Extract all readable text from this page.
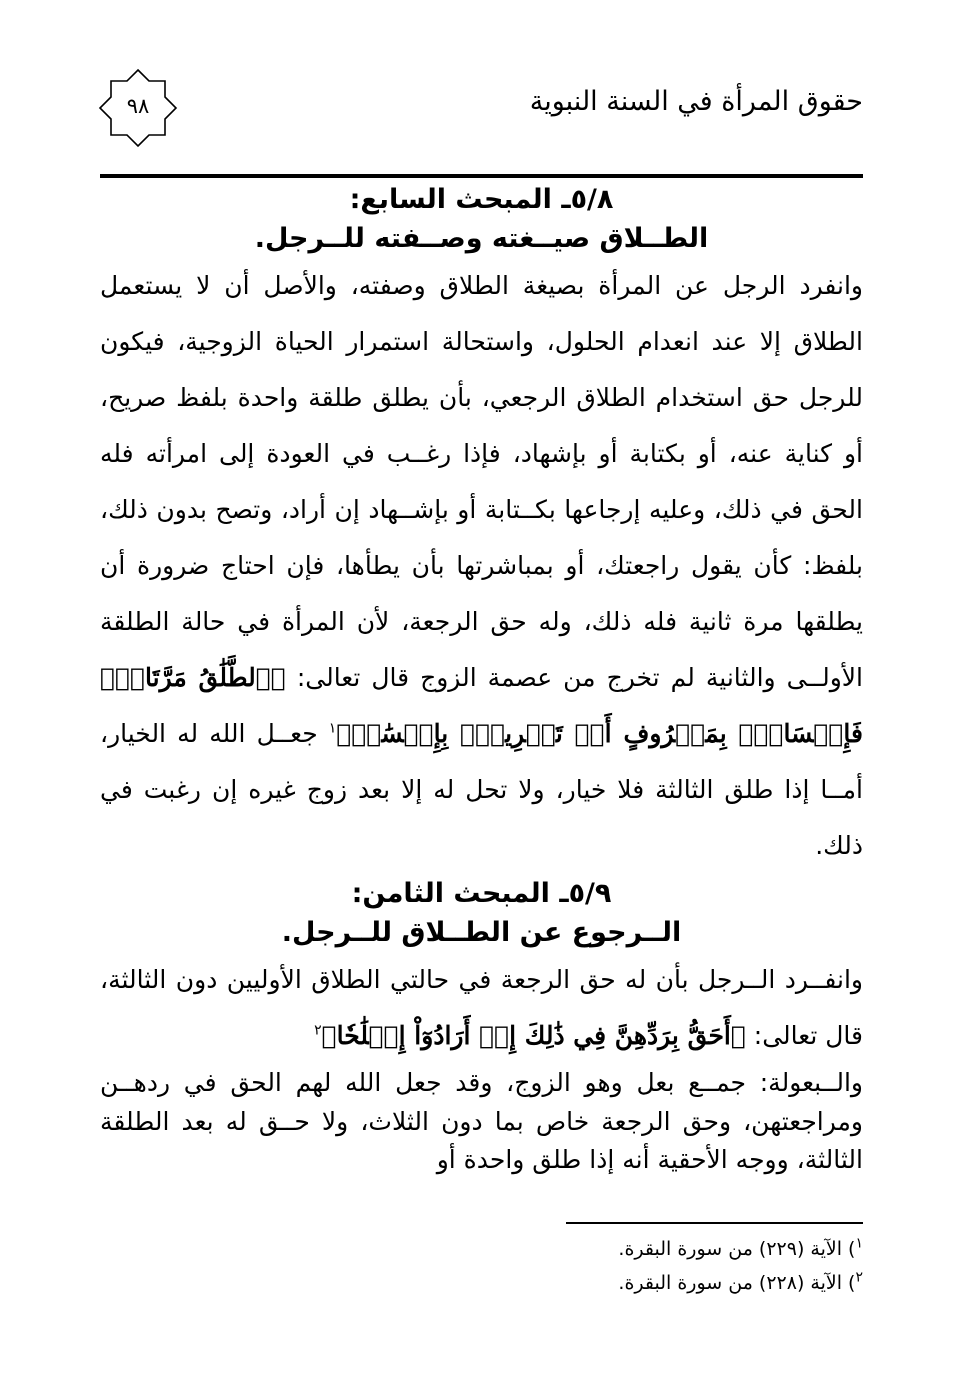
حقوق المرأة في السنة النبوية
٩٨

٥/٨ـ المبحث السابع:

الطــلاق صيــغته وصــفته للــرجل.

وانفرد الرجل عن المرأة بصيغة الطلاق وصفته، والأصل أن لا يستعمل الطلاق إلا عند انعدام الحلول، واستحالة استمرار الحياة الزوجية، فيكون للرجل حق استخدام الطلاق الرجعي، بأن يطلق طلقة واحدة بلفظ صريح، أو كناية عنه، أو بكتابة أو بإشهاد، فإذا رغــب في العودة إلى امرأته فله الحق في ذلك، وعليه إرجاعها بكــتابة أو بإشــهاد إن أراد، وتصح بدون ذلك، بلفظ: كأن يقول راجعتك، أو بمباشرتها بأن يطأها، فإن احتاج ضرورة أن يطلقها مرة ثانية فله ذلك، وله حق الرجعة، لأن المرأة في حالة الطلقة الأولــى والثانية لم تخرج من عصمة الزوج قال تعالى: ﴿ٱلطَّلَٰقُ مَرَّتَانِۖ فَإِمۡسَاكُۢ بِمَعۡرُوفٍ أَوۡ تَسۡرِيحُۢ بِإِحۡسَٰنٖ﴾$^١$ جعــل الله له الخيار، أمــا إذا طلق الثالثة فلا خيار، ولا تحل له إلا بعد زوج غيره إن رغبت في ذلك.

٥/٩ـ المبحث الثامن:

الــرجوع عن الطــلاق للــرجل.

وانفــرد الــرجل بأن له حق الرجعة في حالتي الطلاق الأوليين دون الثالثة، قال تعالى: ﴿أَحَقُّ بِرَدِّهِنَّ فِي ذَٰلِكَ إِنۡ أَرَادُوٓاْ إِصۡلَٰحٗا﴾$^٢$

والــبعولة: جمــع بعل وهو الزوج، وقد جعل الله لهم الحق في ردهــن ومراجعتهن، وحق الرجعة خاص بما دون الثلاث، ولا حــق له بعد الطلقة الثالثة، ووجه الأحقية أنه إذا طلق واحدة أو

$^١$) الآية (٢٢٩) من سورة البقرة.

$^٢$) الآية (٢٢٨) من سورة البقرة.
